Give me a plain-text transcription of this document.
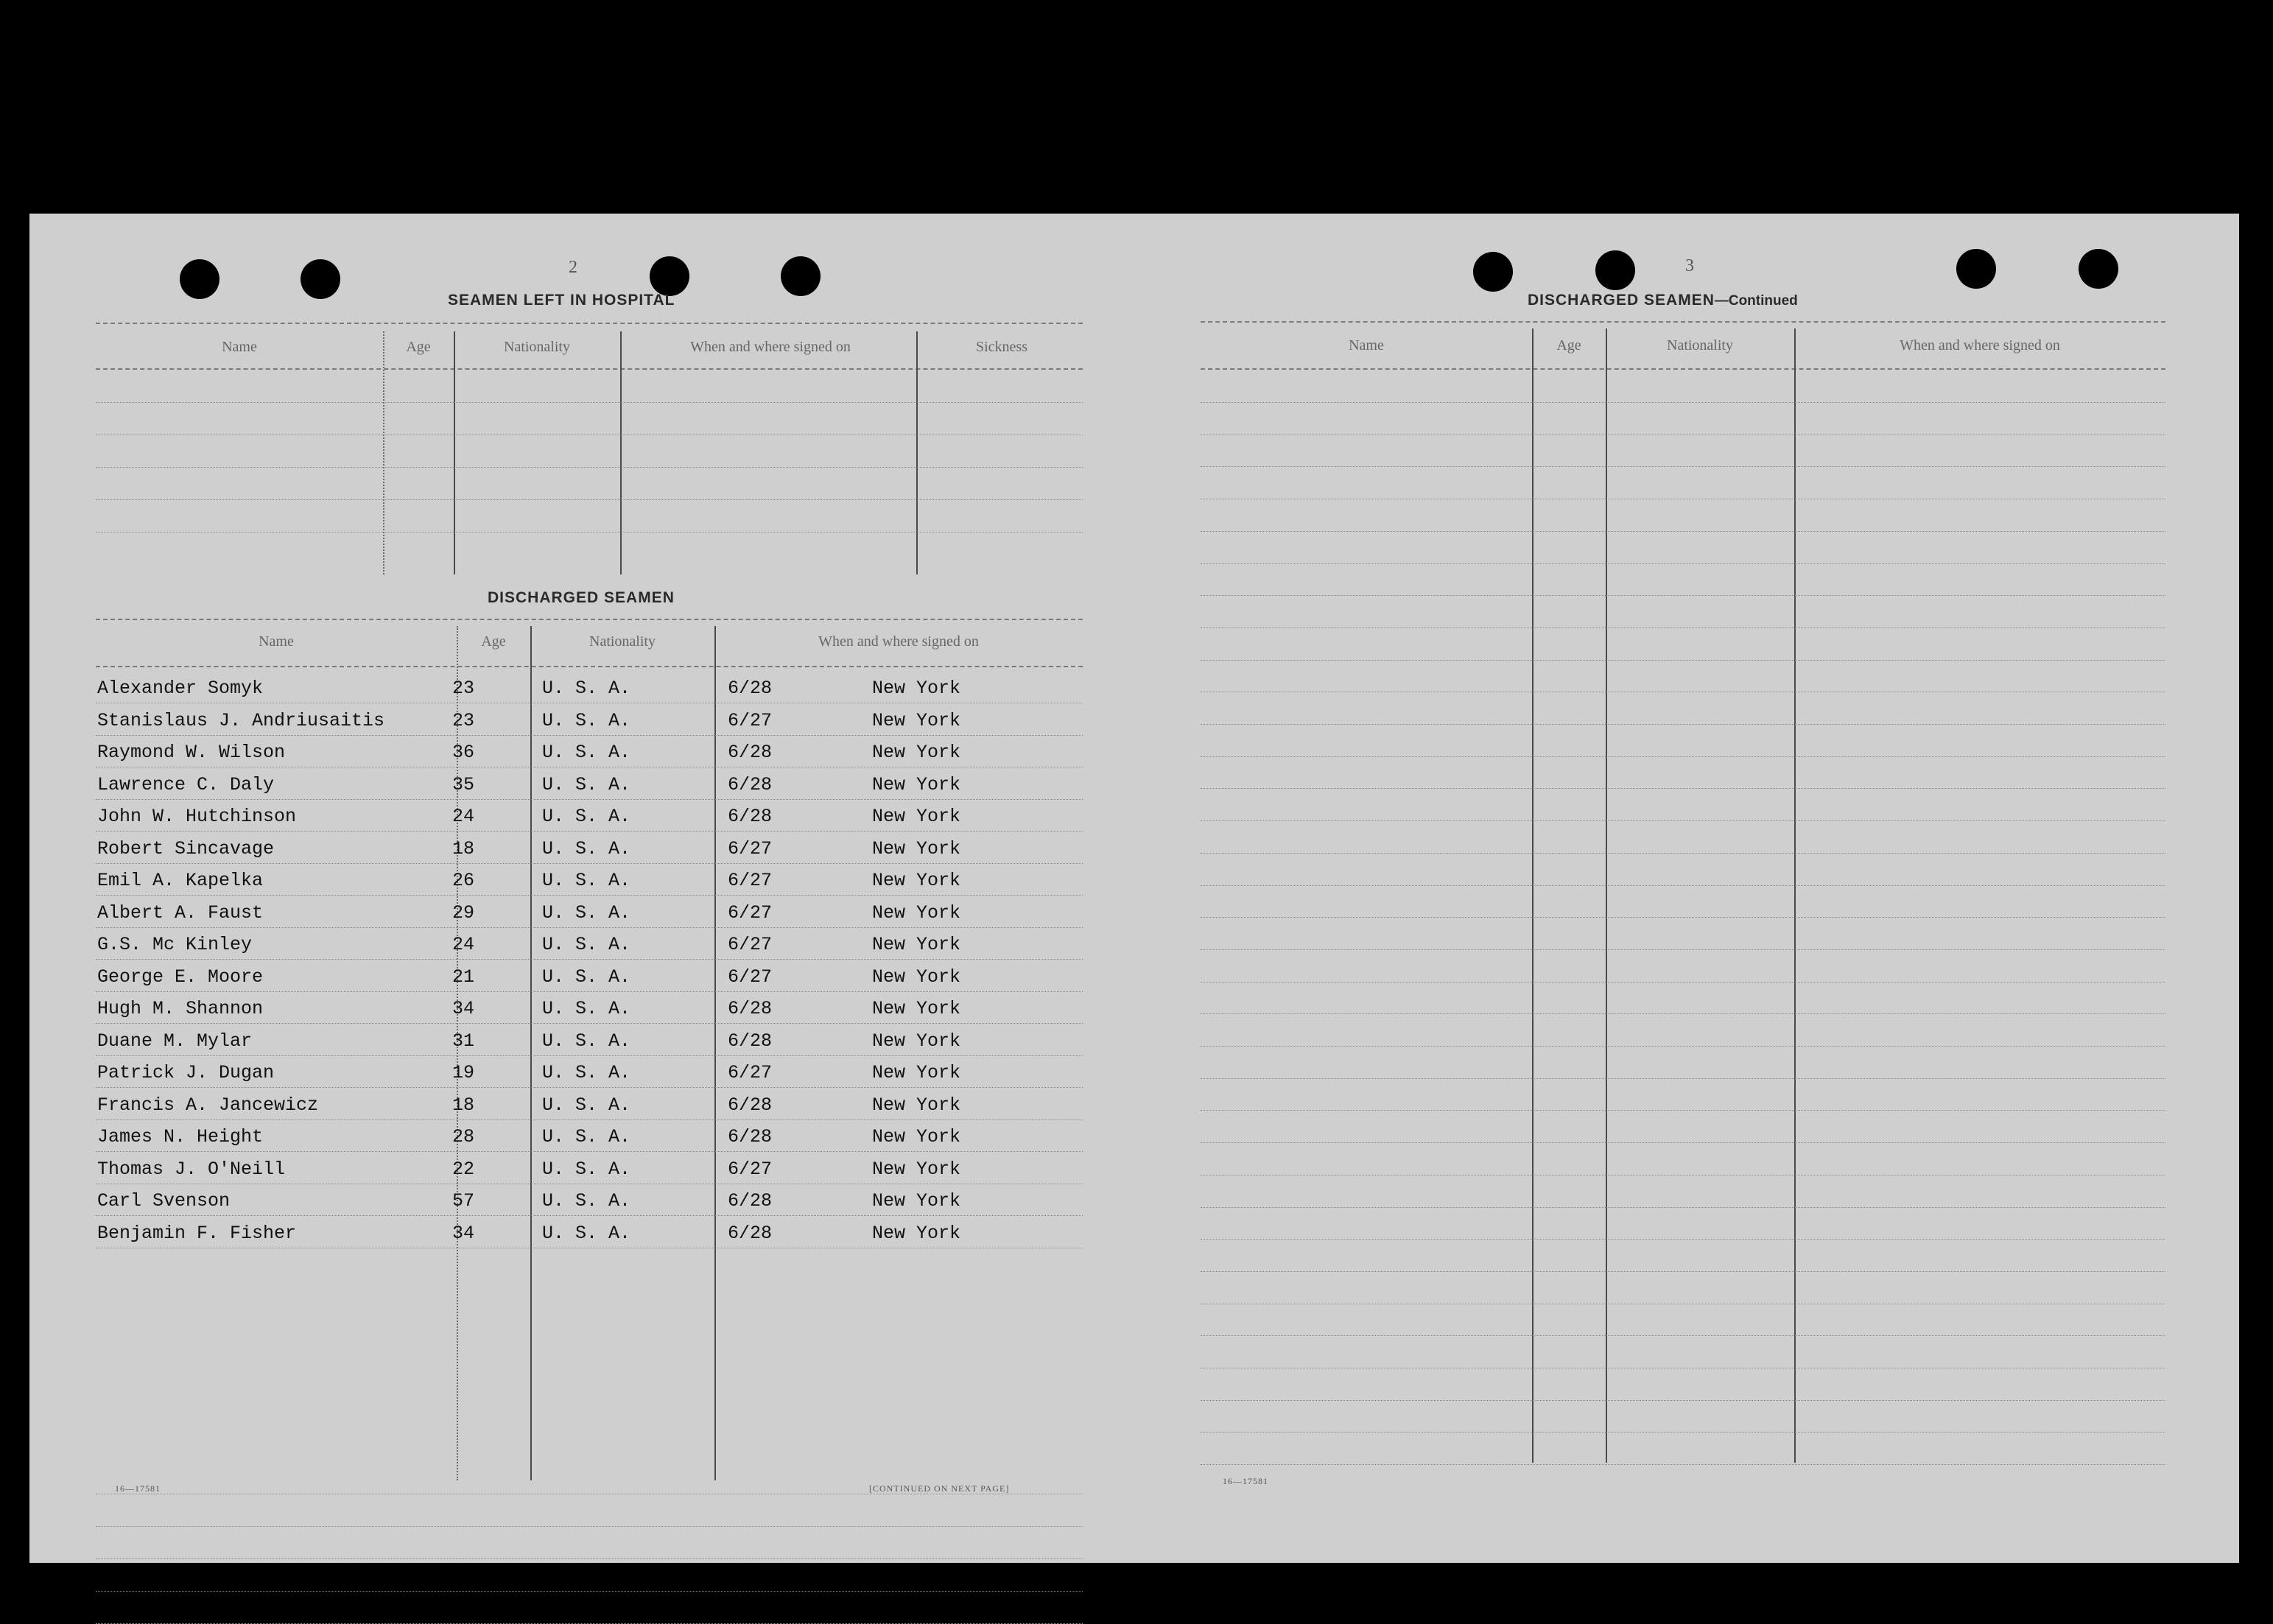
2
SEAMEN LEFT IN HOSPITAL
Name	Age	Nationality	When and where signed on	Sickness
DISCHARGED SEAMEN
Name	Age	Nationality	When and where signed on
Alexander Somyk	23	U. S. A.	6/28	New York
Stanislaus J. Andriusaitis	23	U. S. A.	6/27	New York
Raymond W. Wilson	36	U. S. A.	6/28	New York
Lawrence C. Daly	35	U. S. A.	6/28	New York
John W. Hutchinson	24	U. S. A.	6/28	New York
Robert Sincavage	18	U. S. A.	6/27	New York
Emil A. Kapelka	26	U. S. A.	6/27	New York
Albert A. Faust	29	U. S. A.	6/27	New York
G.S. Mc Kinley	24	U. S. A.	6/27	New York
George E. Moore	21	U. S. A.	6/27	New York
Hugh M. Shannon	34	U. S. A.	6/28	New York
Duane M. Mylar	31	U. S. A.	6/28	New York
Patrick J. Dugan	19	U. S. A.	6/27	New York
Francis A. Jancewicz	18	U. S. A.	6/28	New York
James N. Height	28	U. S. A.	6/28	New York
Thomas J. O'Neill	22	U. S. A.	6/27	New York
Carl Svenson	57	U. S. A.	6/28	New York
Benjamin F. Fisher	34	U. S. A.	6/28	New York
3
DISCHARGED SEAMEN—Continued
Name	Age	Nationality	When and where signed on
16—17581	[CONTINUED ON NEXT PAGE]
16—17581
